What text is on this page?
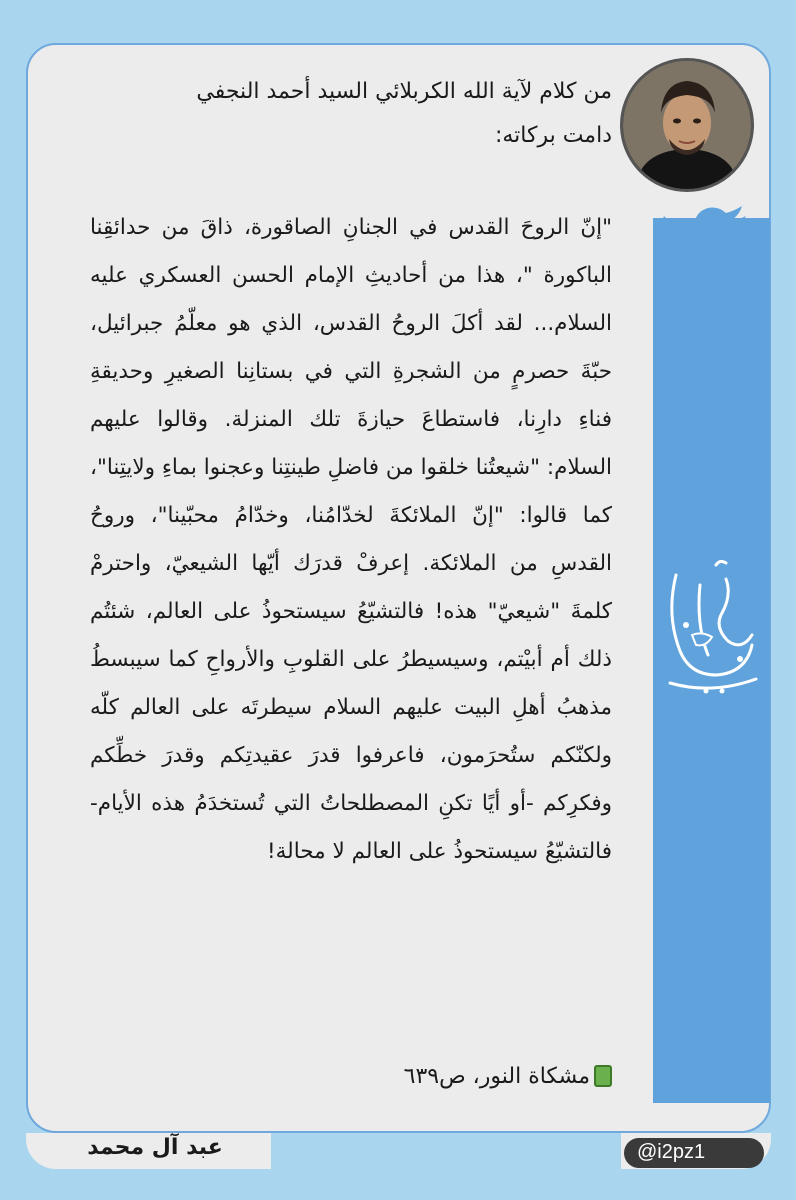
من كلام لآية الله الكربلائي السيد أحمد النجفي

دامت بركاته:

"إنّ الروحَ القدس في الجنانِ الصاقورة، ذاقَ من حدائقِنا الباكورة "، هذا من أحاديثِ الإمام الحسن العسكري عليه السلام... لقد أكلَ الروحُ القدس، الذي هو معلّمُ جبرائيل، حبّةَ حصرمٍ من الشجرةِ التي في بستانِنا الصغيرِ وحديقةِ فناءِ دارِنا، فاستطاعَ حيازةَ تلك المنزلة. وقالوا عليهم السلام: "شيعتُنا خلقوا من فاضلِ طينتِنا وعجنوا بماءِ ولايتِنا"، كما قالوا: "إنّ الملائكةَ لخدّامُنا، وخدّامُ محبّينا"، وروحُ القدسِ من الملائكة. إعرفْ قدرَك أيّها الشيعيّ، واحترمْ كلمةَ "شيعيّ" هذه! فالتشيّعُ سيستحوذُ على العالم، شئتُم ذلك أم أبيْتم، وسيسيطرُ على القلوبِ والأرواحِ كما سيبسطُ مذهبُ أهلِ البيت عليهم السلام سيطرتَه على العالم كلّه ولكنّكم ستُحرَمون، فاعرفوا قدرَ عقيدتِكم وقدرَ خطِّكم وفكرِكم -أو أيًا تكنِ المصطلحاتُ التي تُستخدَمُ هذه الأيام- فالتشيّعُ سيستحوذُ على العالم لا محالة!

مشكاة النور، ص٦٣٩

عبد آل محمد	@i2pz1
